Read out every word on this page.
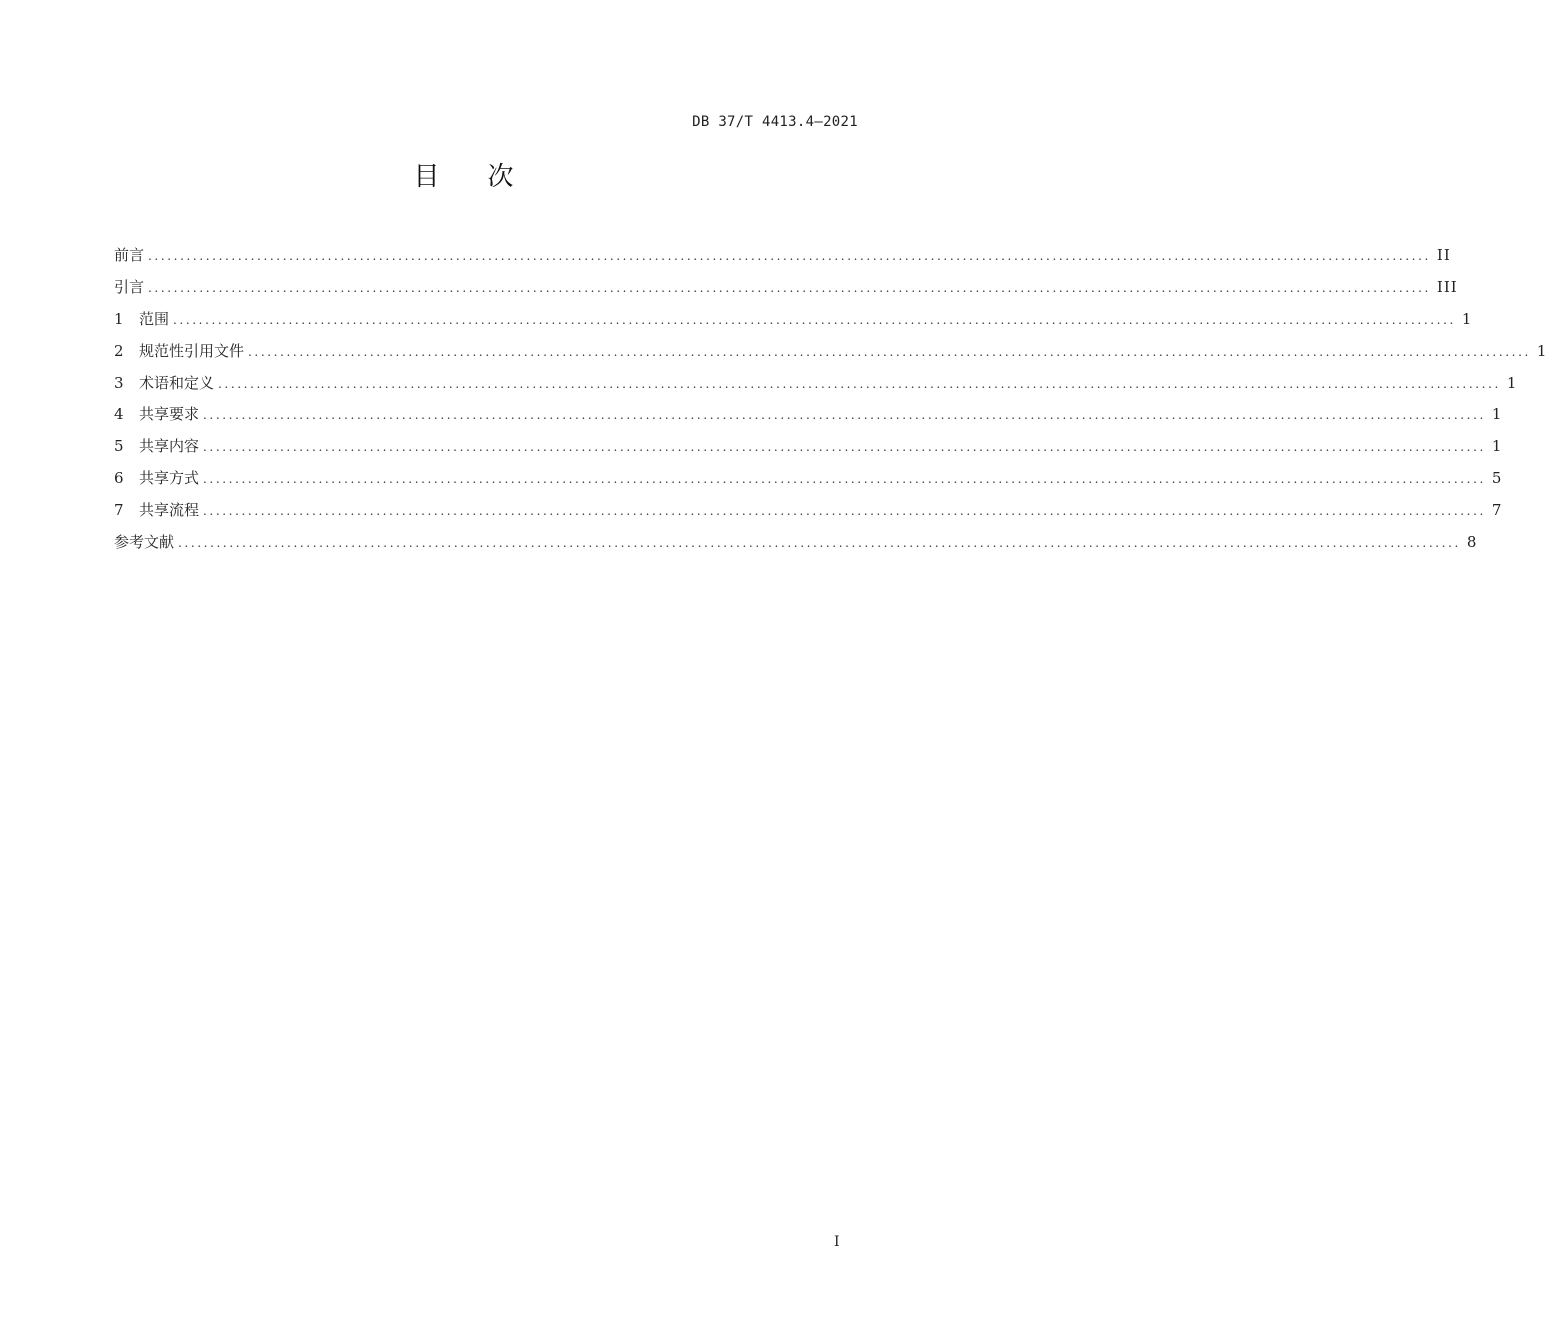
DB 37/T 4413.4—2021
目次
前言 ........................................................................................................................................................................................................ II
引言 ........................................................................................................................................................................................................ III
1	范围 ........................................................................................................................................................................................................ 1
2	规范性引用文件 ........................................................................................................................................................................................................ 1
3	术语和定义 ........................................................................................................................................................................................................ 1
4	共享要求 ........................................................................................................................................................................................................ 1
5	共享内容 ........................................................................................................................................................................................................ 1
6	共享方式 ........................................................................................................................................................................................................ 5
7	共享流程 ........................................................................................................................................................................................................ 7
参考文献 ........................................................................................................................................................................................................ 8
I
